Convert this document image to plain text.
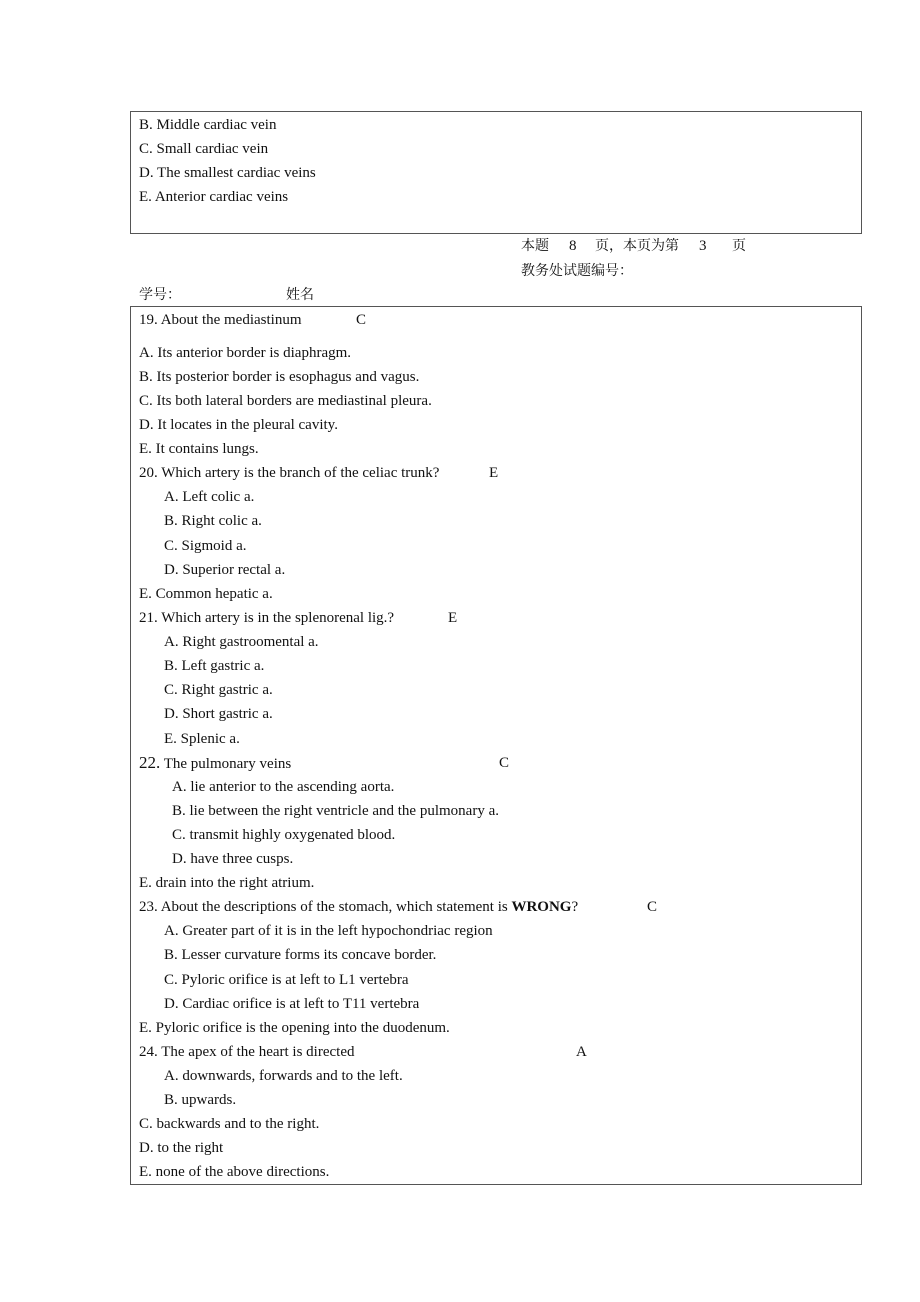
B. Middle cardiac vein
C. Small cardiac vein
D. The smallest cardiac veins
E. Anterior cardiac veins
本题 8 页，本页为第 3 页
教务处试题编号：
学号：	姓名
19. About the mediastinum	C
A. Its anterior border is diaphragm.
B. Its posterior border is esophagus and vagus.
C. Its both lateral borders are mediastinal pleura.
D. It locates in the pleural cavity.
E. It contains lungs.
20. Which artery is the branch of the celiac trunk?	E
A. Left colic a.
B. Right colic a.
C. Sigmoid a.
D. Superior rectal a.
E. Common hepatic a.
21. Which artery is in the splenorenal lig.?	E
A. Right gastroomental a.
B. Left gastric a.
C. Right gastric a.
D. Short gastric a.
E. Splenic a.
22. The pulmonary veins	C
A. lie anterior to the ascending aorta.
B. lie between the right ventricle and the pulmonary a.
C. transmit highly oxygenated blood.
D. have three cusps.
E. drain into the right atrium.
23. About the descriptions of the stomach, which statement is WRONG?	C
A. Greater part of it is in the left hypochondriac region
B. Lesser curvature forms its concave border.
C. Pyloric orifice is at left to L1 vertebra
D. Cardiac orifice is at left to T11 vertebra
E. Pyloric orifice is the opening into the duodenum.
24. The apex of the heart is directed	A
A. downwards, forwards and to the left.
B. upwards.
C. backwards and to the right.
D. to the right
E. none of the above directions.
